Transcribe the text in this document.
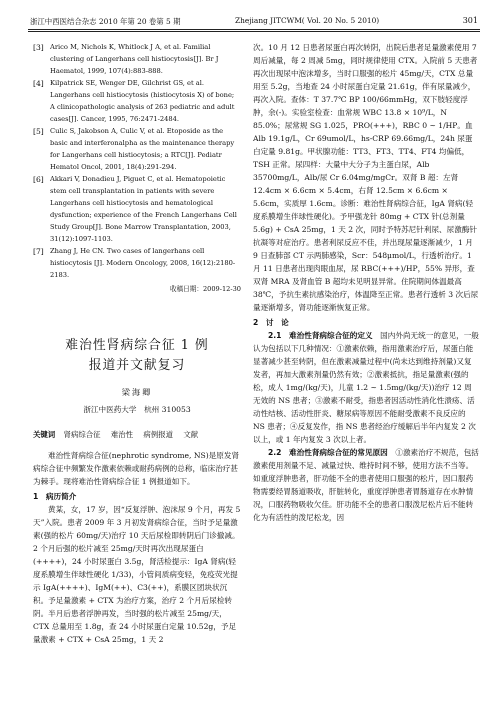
浙江中西医结合杂志 2010 年第 20 卷第 5 期	Zhejiang JITCWM( Vol. 20 No. 5 2010)	301
[3] Arico M, Nichols K, Whitlock J A, et al. Familial clustering of Langerhans cell histiocytosis[J]. Br J Haematol, 1999, 107(4):883-888.
[4] Kilpatrick SE, Wenger DE, Gilchrist GS, et al. Langerhans cell histiocytosis (histiocytosis X) of bone; A clinicopathologic analysis of 263 pediatric and adult cases[J]. Cancer, 1995, 76:2471-2484.
[5] Culic S, Jakobson A, Culic V, et al. Etoposide as the basic and interferonalpha as the maintenance therapy for Langerhans cell histiocytosis; a RTC[J]. Pediatr Hematol Oncol, 2001, 18(4):291-294.
[6] Akkari V, Donadieu J, Piguet C, et al. Hematopoietic stem cell transplantation in patients with severe Langerhans cell histiocytosis and hematological dysfunction; experience of the French Langerhans Cell Study Group[J]. Bone Marrow Transplantation, 2003, 31(12):1097-1103.
[7] Zhang J, He CN. Two cases of langerhans cell histiocytosis [J]. Modern Oncology, 2008, 16(12):2180-2183.
收稿日期：2009-12-30
难治性肾病综合征 1 例
报道并文献复习
梁海卿
浙江中医药大学　杭州 310053
关键词 肾病综合征 难治性 病例报道 文献
难治性肾病综合征(nephrotic syndrome, NS)是原发肾病综合征中频繁发作激素依赖或耐药病例的总称，临床治疗甚为棘手。现将难治性肾病综合征 1 例报道如下。
1　病历简介
黄某，女，17 岁，因“反复浮肿、泡沫尿 9 个月，再发 5 天”入院。患者 2009 年 3 月初发肾病综合征，当时予足量激素(强的松片 60mg/天)治疗 10 天后尿检即转阴后门诊撤减。2 个月后强的松片减至 25mg/天时再次出现尿蛋白(++++)，24 小时尿蛋白 3.5g，肾活检提示：IgA 肾病(轻度系膜增生伴球性硬化 1/33)，小管间质病变轻，免疫荧光提示 IgA(++++)、IgM(++)、C3(++)，系膜区团块状沉积。予足量激素 + CTX 为治疗方案，治疗 2 个月后尿检转阴。半月后患者浮肿再发，当时强的松片减至 25mg/天，CTX 总量用至 1.8g，查 24 小时尿蛋白定量 10.52g，予足量激素 + CTX + CsA 25mg，1 天 2
次。10 月 12 日患者尿蛋白再次转阴，出院后患者足量激素使用 7 周后减量，每 2 周减 5mg，同时规律使用 CTX。入院前 5 天患者再次出现尿中泡沫增多，当时口服强的松片 45mg/天，CTX 总量用至 5.2g，当地查 24 小时尿蛋白定量 21.61g，伴有尿量减少，再次入院。查体：T 37.7℃ BP 100/66mmHg，双下肢轻度浮肿，余(-)。实验室检查：血常规 WBC 13.8 × 10⁹/L，N 85.0%；尿常规 SG 1.025，PRO(+++)，RBC 0 ~ 1/HP。血 Alb 19.1g/L，Cr 69umol/L，hs-CRP 69.66mg/L，24h 尿蛋白定量 9.81g。甲状腺功能：TT3、FT3、TT4、FT4 均偏低，TSH 正常。尿四样：大量中大分子为主蛋白尿，Alb 35700mg/L，Alb/尿 Cr 6.04mg/mgCr。双肾 B 超：左肾 12.4cm × 6.6cm × 5.4cm，右肾 12.5cm × 6.6cm × 5.6cm，实质厚 1.6cm。诊断：难治性肾病综合征，IgA 肾病(轻度系膜增生伴球性硬化)。予甲强龙针 80mg + CTX 针(总剂量 5.6g) + CsA 25mg，1 天 2 次，同时予特苏尼针利尿、尿激酶针抗凝等对症治疗。患者利尿反应不佳，并出现尿量逐渐减少，1 月 9 日查肺部 CT 示两肺感染，Scr：548μmol/L，行透析治疗。1 月 11 日患者出现肉眼血尿，尿 RBC(+++)/HP，55% 异形，查双肾 MRA 及肾血管 B 超均未见明显异常。住院期间体温最高 38℃，予抗生素抗感染治疗，体温降至正常。患者行透析 3 次后尿量逐渐增多，肾功能逐渐恢复正常。
2　讨　论
2.1　难治性肾病综合征的定义　 国内外尚无统一的意见，一般认为包括以下几种情况：①激素依赖，指用激素治疗后，尿蛋白能显著减少甚至转阴，但在激素减量过程中(尚未达到维持剂量)又复发者，再加大激素剂量仍然有效；②激素抵抗，指足量激素(强的松，成人 1mg/(kg/天)，儿童 1.2 ~ 1.5mg/(kg/天))治疗 12 周无效的 NS 患者；③激素不耐受，指患者因活动性消化性溃疡、活动性结核、活动性肝炎、糖尿病等原因不能耐受激素不良反应的 NS 患者；④反复发作，指 NS 患者经治疗缓解后半年内复发 2 次以上，或 1 年内复发 3 次以上者。
2.2　难治性肾病综合征的常见原因　 ①激素治疗不规范，包括激素使用剂量不足、减量过快、维持时间不够，使用方法不当等。如重度浮肿患者，肝功能不全的患者使用口服强的松片，因口服药物需要经胃肠道吸收，肝脏转化，重度浮肿患者胃肠道存在水肿情况，口服药物吸收欠佳。肝功能不全的患者口服泼尼松片后不能转化为有活性的泼尼松龙，因
